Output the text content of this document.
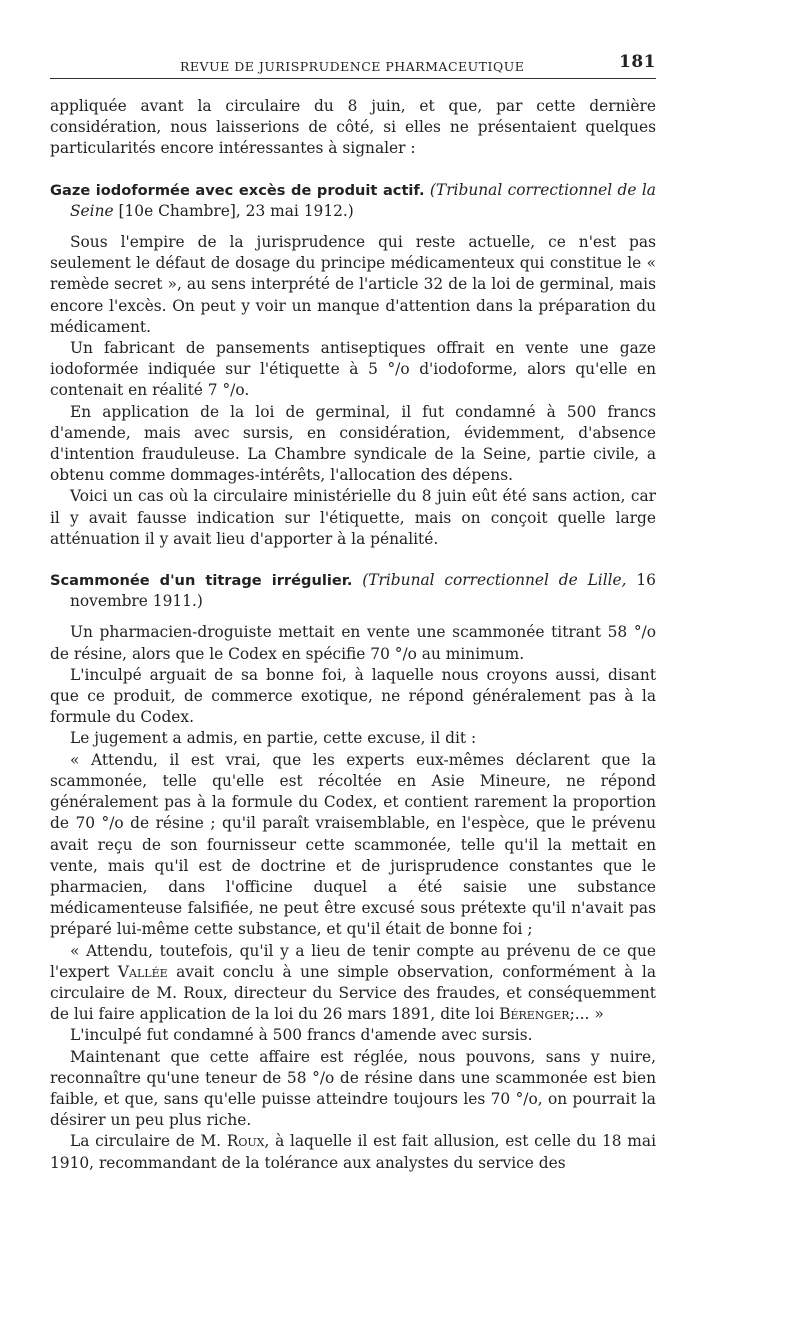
REVUE DE JURISPRUDENCE PHARMACEUTIQUE	181

appliquée avant la circulaire du 8 juin, et que, par cette dernière considération, nous laisserions de côté, si elles ne présentaient quelques particularités encore intéressantes à signaler :

Gaze iodoformée avec excès de produit actif. (Tribunal correctionnel de la Seine [10e Chambre], 23 mai 1912.)

Sous l'empire de la jurisprudence qui reste actuelle, ce n'est pas seulement le défaut de dosage du principe médicamenteux qui constitue le « remède secret », au sens interprété de l'article 32 de la loi de germinal, mais encore l'excès. On peut y voir un manque d'attention dans la préparation du médicament.

Un fabricant de pansements antiseptiques offrait en vente une gaze iodoformée indiquée sur l'étiquette à 5 °/o d'iodoforme, alors qu'elle en contenait en réalité 7 °/o.

En application de la loi de germinal, il fut condamné à 500 francs d'amende, mais avec sursis, en considération, évidemment, d'absence d'intention frauduleuse. La Chambre syndicale de la Seine, partie civile, a obtenu comme dommages-intérêts, l'allocation des dépens.

Voici un cas où la circulaire ministérielle du 8 juin eût été sans action, car il y avait fausse indication sur l'étiquette, mais on conçoit quelle large atténuation il y avait lieu d'apporter à la pénalité.

Scammonée d'un titrage irrégulier. (Tribunal correctionnel de Lille, 16 novembre 1911.)

Un pharmacien-droguiste mettait en vente une scammonée titrant 58 °/o de résine, alors que le Codex en spécifie 70 °/o au minimum.

L'inculpé arguait de sa bonne foi, à laquelle nous croyons aussi, disant que ce produit, de commerce exotique, ne répond généralement pas à la formule du Codex.

Le jugement a admis, en partie, cette excuse, il dit :

« Attendu, il est vrai, que les experts eux-mêmes déclarent que la scammonée, telle qu'elle est récoltée en Asie Mineure, ne répond généralement pas à la formule du Codex, et contient rarement la proportion de 70 °/o de résine ; qu'il paraît vraisemblable, en l'espèce, que le prévenu avait reçu de son fournisseur cette scammonée, telle qu'il la mettait en vente, mais qu'il est de doctrine et de jurisprudence constantes que le pharmacien, dans l'officine duquel a été saisie une substance médicamenteuse falsifiée, ne peut être excusé sous prétexte qu'il n'avait pas préparé lui-même cette substance, et qu'il était de bonne foi ;

« Attendu, toutefois, qu'il y a lieu de tenir compte au prévenu de ce que l'expert Vallée avait conclu à une simple observation, conformément à la circulaire de M. Roux, directeur du Service des fraudes, et conséquemment de lui faire application de la loi du 26 mars 1891, dite loi Bérenger;... »

L'inculpé fut condamné à 500 francs d'amende avec sursis.

Maintenant que cette affaire est réglée, nous pouvons, sans y nuire, reconnaître qu'une teneur de 58 °/o de résine dans une scammonée est bien faible, et que, sans qu'elle puisse atteindre toujours les 70 °/o, on pourrait la désirer un peu plus riche.

La circulaire de M. Roux, à laquelle il est fait allusion, est celle du 18 mai 1910, recommandant de la tolérance aux analystes du service des
